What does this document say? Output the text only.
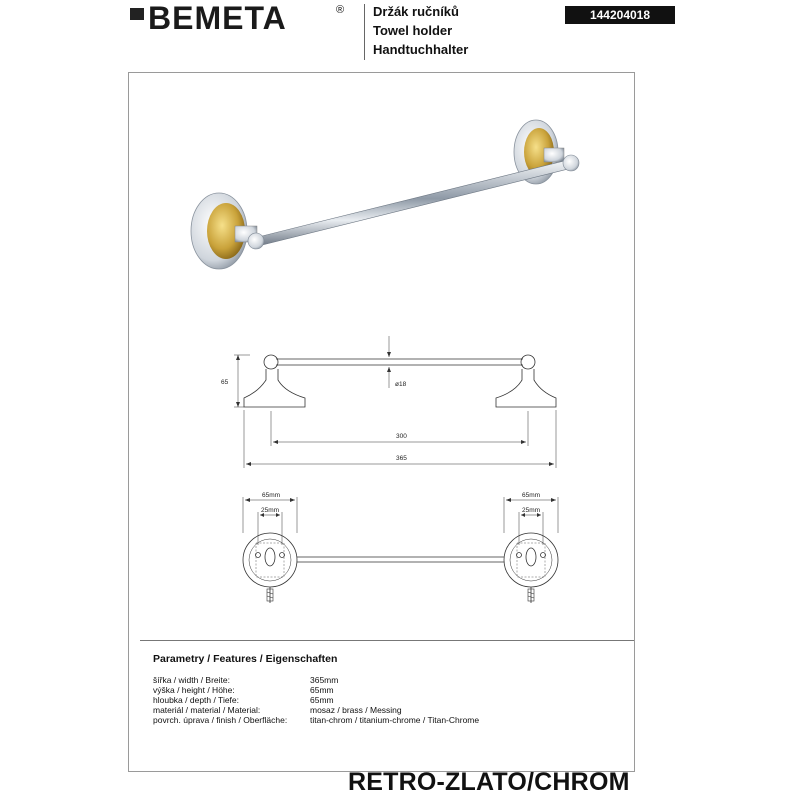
BEMETA	® Držák ručníků
Towel holder
Handtuchhalter
144204018
65	ø18
300
365
65mm
25mm
65mm
25mm
Parametry / Features / Eigenschaften
šířka / width / Breite:	365mm
výška / height / Höhe:	65mm
hloubka / depth / Tiefe:	65mm
materiál / material / Material:	mosaz / brass / Messing
povrch. úprava / finish / Oberfläche:	titan-chrom / titanium-chrome / Titan-Chrome
RETRO-ZLATO/CHROM
